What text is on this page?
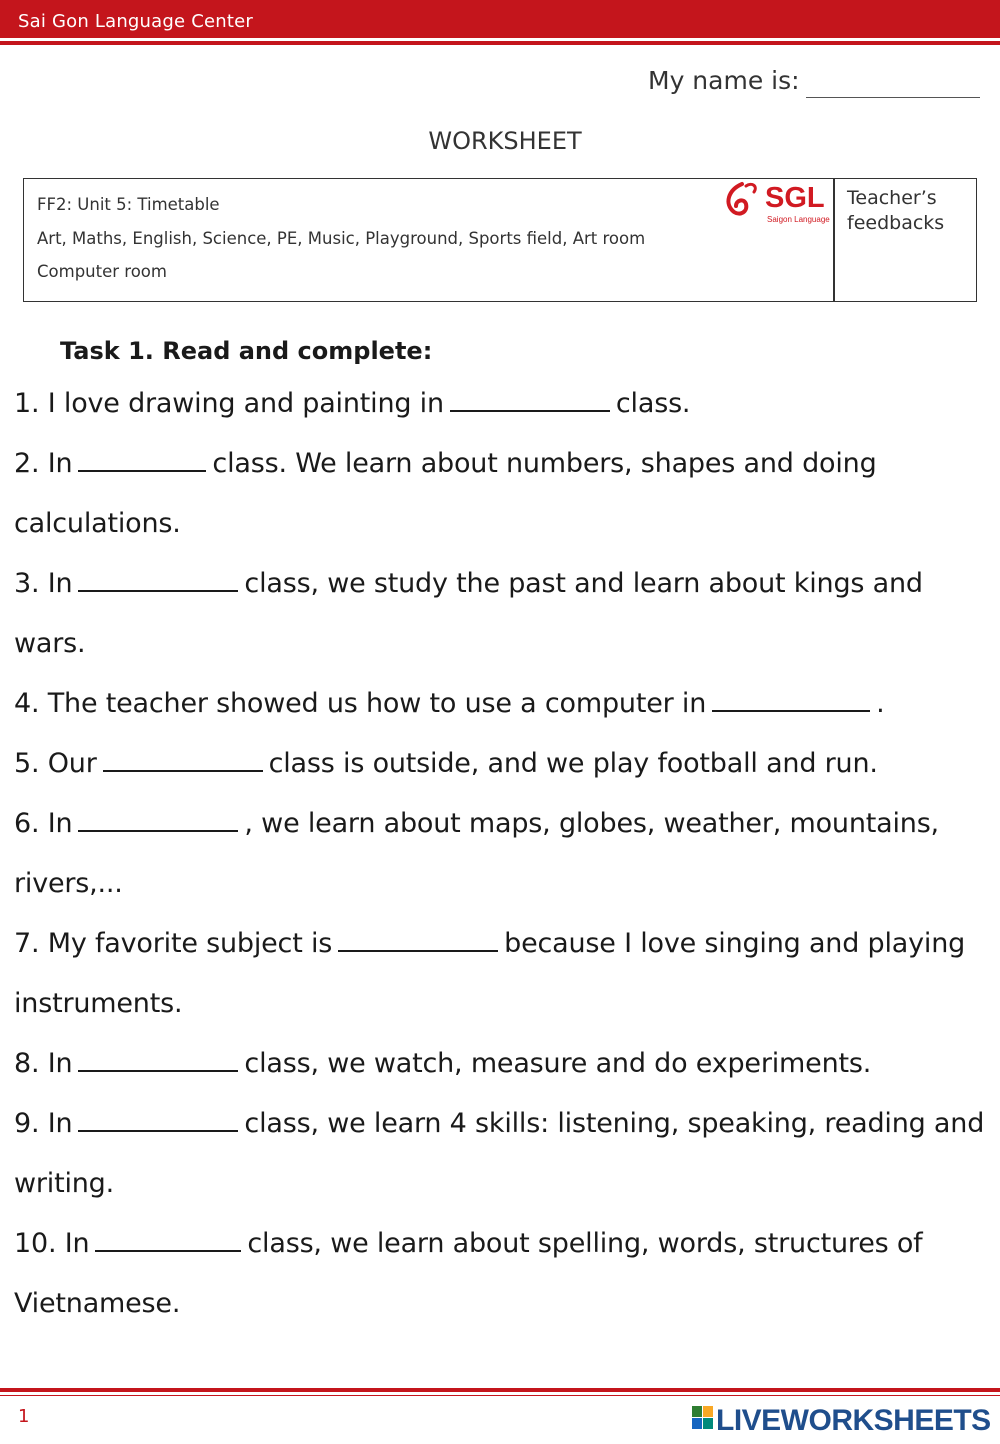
Sai Gon Language Center
My name is:
WORKSHEET
FF2: Unit 5: Timetable
Art, Maths, English, Science, PE, Music, Playground, Sports field, Art room
Computer room
SGL
Saigon Language
Teacher’s feedbacks
Task 1. Read and complete:
1. I love drawing and painting in	class.
2. In	class. We learn about numbers, shapes and doing
calculations.
3. In	class, we study the past and learn about kings and
wars.
4. The teacher showed us how to use a computer in	.
5. Our	class is outside, and we play football and run.
6. In	, we learn about maps, globes, weather, mountains,
rivers,...
7. My favorite subject is	because I love singing and playing
instruments.
8. In	class, we watch, measure and do experiments.
9. In	class, we learn 4 skills: listening, speaking, reading and
writing.
10. In	class, we learn about spelling, words, structures of
Vietnamese.
1	LIVEWORKSHEETS
